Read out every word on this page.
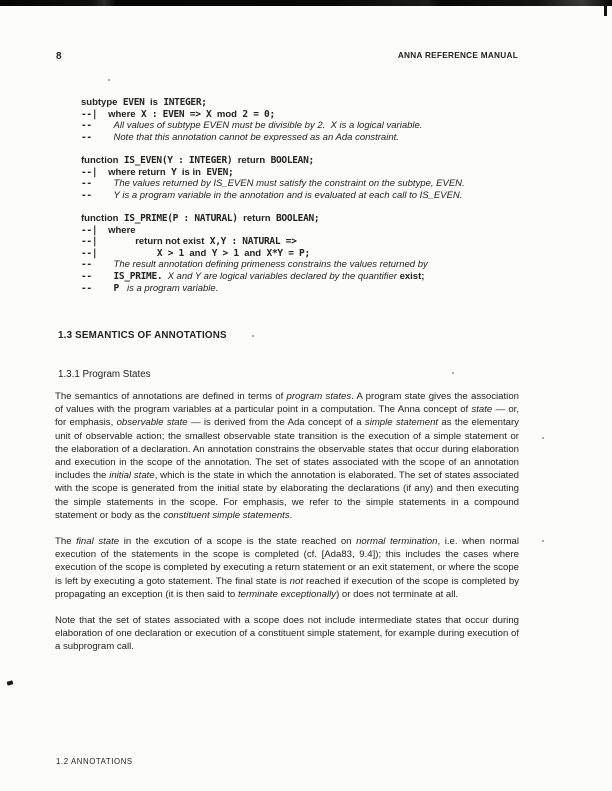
8	ANNA REFERENCE MANUAL
subtype EVEN is INTEGER;
--|  where X : EVEN => X mod 2 = 0;
--    All values of subtype EVEN must be divisible by 2.  X is a logical variable.
--    Note that this annotation cannot be expressed as an Ada constraint.

function IS_EVEN(Y : INTEGER) return BOOLEAN;
--|  where return Y is in EVEN;
--    The values returned by IS_EVEN must satisfy the constraint on the subtype, EVEN.
--    Y is a program variable in the annotation and is evaluated at each call to IS_EVEN.

function IS_PRIME(P : NATURAL) return BOOLEAN;
--|  where
--|       return not exist X,Y : NATURAL =>
--|           X > 1 and Y > 1 and X*Y = P;
--    The result annotation defining primeness constrains the values returned by
--    IS_PRIME.  X and Y are logical variables declared by the quantifier exist;
--    P  is a program variable.
1.3 SEMANTICS OF ANNOTATIONS
1.3.1 Program States

The semantics of annotations are defined in terms of program states. A program state gives the association of values with the program variables at a particular point in a computation. The Anna concept of state — or, for emphasis, observable state — is derived from the Ada concept of a simple statement as the elementary unit of observable action; the smallest observable state transition is the execution of a simple statement or the elaboration of a declaration. An annotation constrains the observable states that occur during elaboration and execution in the scope of the annotation. The set of states associated with the scope of an annotation includes the initial state, which is the state in which the annotation is elaborated. The set of states associated with the scope is generated from the initial state by elaborating the declarations (if any) and then executing the simple statements in the scope. For emphasis, we refer to the simple statements in a compound statement or body as the constituent simple statements.

The final state in the excution of a scope is the state reached on normal termination, i.e. when normal execution of the statements in the scope is completed (cf. [Ada83, 9.4]); this includes the cases where execution of the scope is completed by executing a return statement or an exit statement, or where the scope is left by executing a goto statement. The final state is not reached if execution of the scope is completed by propagating an exception (it is then said to terminate exceptionally) or does not terminate at all.

Note that the set of states associated with a scope does not include intermediate states that occur during elaboration of one declaration or execution of a constituent simple statement, for example during execution of a subprogram call.

1.2 ANNOTATIONS
